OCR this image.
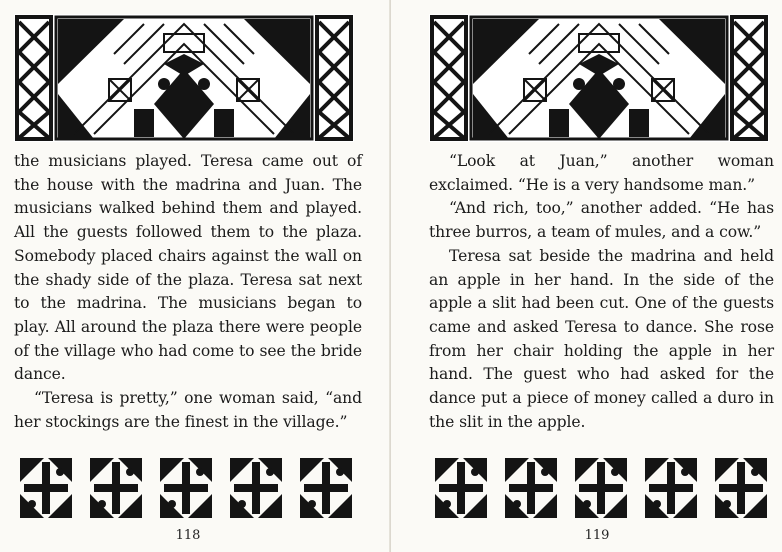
the musicians played. Teresa came out of the house with the madrina and Juan. The musicians walked behind them and played. All the guests followed them to the plaza. Somebody placed chairs against the wall on the shady side of the plaza. Teresa sat next to the madrina. The musicians began to play. All around the plaza there were people of the village who had come to see the bride dance.

“Teresa is pretty,” one woman said, “and her stockings are the finest in the village.”

118

“Look at Juan,” another woman exclaimed. “He is a very handsome man.”

“And rich, too,” another added. “He has three burros, a team of mules, and a cow.”

Teresa sat beside the madrina and held an apple in her hand. In the side of the apple a slit had been cut. One of the guests came and asked Teresa to dance. She rose from her chair holding the apple in her hand. The guest who had asked for the dance put a piece of money called a duro in the slit in the apple.

119
